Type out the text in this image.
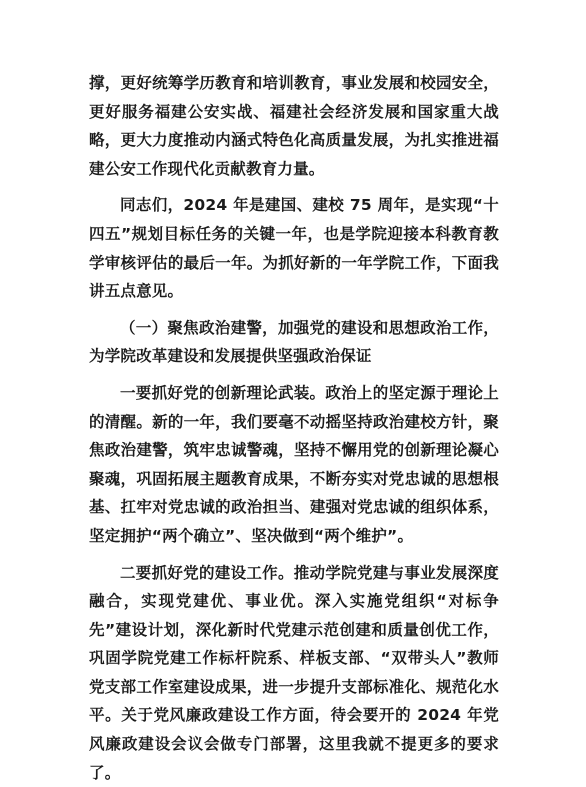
撑，更好统筹学历教育和培训教育，事业发展和校园安全，更好服务福建公安实战、福建社会经济发展和国家重大战略，更大力度推动内涵式特色化高质量发展，为扎实推进福建公安工作现代化贡献教育力量。

同志们，2024 年是建国、建校 75 周年，是实现“十四五”规划目标任务的关键一年，也是学院迎接本科教育教学审核评估的最后一年。为抓好新的一年学院工作，下面我讲五点意见。

（一）聚焦政治建警，加强党的建设和思想政治工作，为学院改革建设和发展提供坚强政治保证

一要抓好党的创新理论武装。政治上的坚定源于理论上的清醒。新的一年，我们要毫不动摇坚持政治建校方针，聚焦政治建警，筑牢忠诚警魂，坚持不懈用党的创新理论凝心聚魂，巩固拓展主题教育成果，不断夯实对党忠诚的思想根基、扛牢对党忠诚的政治担当、建强对党忠诚的组织体系，坚定拥护“两个确立”、坚决做到“两个维护”。

二要抓好党的建设工作。推动学院党建与事业发展深度融合，实现党建优、事业优。深入实施党组织“对标争先”建设计划，深化新时代党建示范创建和质量创优工作，巩固学院党建工作标杆院系、样板支部、“双带头人”教师党支部工作室建设成果，进一步提升支部标准化、规范化水平。关于党风廉政建设工作方面，待会要开的 2024 年党风廉政建设会议会做专门部署，这里我就不提更多的要求了。
